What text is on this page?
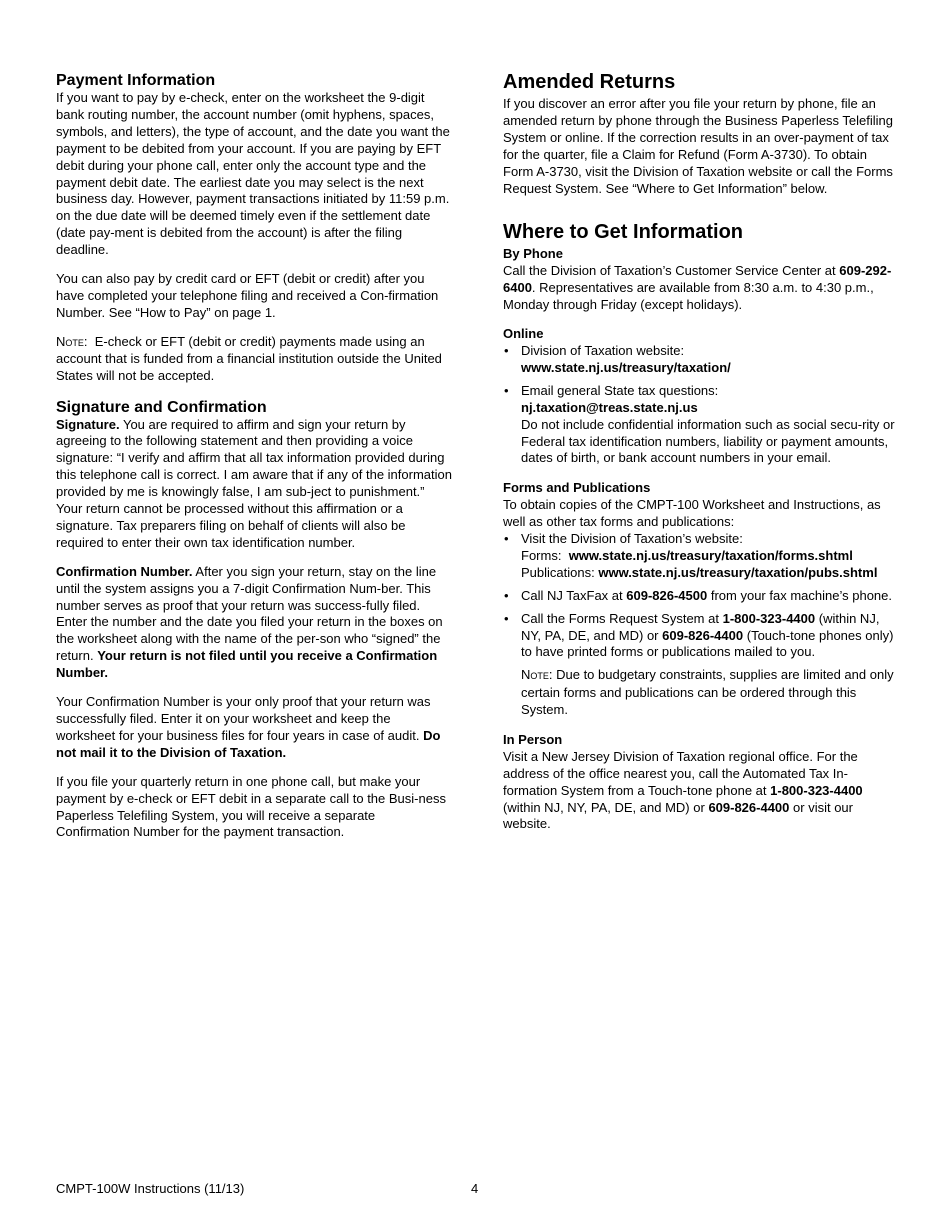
Payment Information

If you want to pay by e-check, enter on the worksheet the 9-digit bank routing number, the account number (omit hyphens, spaces, symbols, and letters), the type of account, and the date you want the payment to be debited from your account. If you are paying by EFT debit during your phone call, enter only the account type and the payment debit date. The earliest date you may select is the next business day. However, payment transactions initiated by 11:59 p.m. on the due date will be deemed timely even if the settlement date (date pay-ment is debited from the account) is after the filing deadline.

You can also pay by credit card or EFT (debit or credit) after you have completed your telephone filing and received a Con-firmation Number. See “How to Pay” on page 1.

Note: E-check or EFT (debit or credit) payments made using an account that is funded from a financial institution outside the United States will not be accepted.

Signature and Confirmation

Signature. You are required to affirm and sign your return by agreeing to the following statement and then providing a voice signature: “I verify and affirm that all tax information provided during this telephone call is correct. I am aware that if any of the information provided by me is knowingly false, I am sub-ject to punishment.” Your return cannot be processed without this affirmation or a signature. Tax preparers filing on behalf of clients will also be required to enter their own tax identification number.

Confirmation Number. After you sign your return, stay on the line until the system assigns you a 7-digit Confirmation Num-ber. This number serves as proof that your return was success-fully filed. Enter the number and the date you filed your return in the boxes on the worksheet along with the name of the per-son who “signed” the return. Your return is not filed until you receive a Confirmation Number.

Your Confirmation Number is your only proof that your return was successfully filed. Enter it on your worksheet and keep the worksheet for your business files for four years in case of audit. Do not mail it to the Division of Taxation.

If you file your quarterly return in one phone call, but make your payment by e-check or EFT debit in a separate call to the Busi-ness Paperless Telefiling System, you will receive a separate Confirmation Number for the payment transaction.

Amended Returns

If you discover an error after you file your return by phone, file an amended return by phone through the Business Paperless Telefiling System or online. If the correction results in an over-payment of tax for the quarter, file a Claim for Refund (Form A-3730). To obtain Form A-3730, visit the Division of Taxation website or call the Forms Request System. See “Where to Get Information” below.

Where to Get Information
By Phone

Call the Division of Taxation’s Customer Service Center at 609-292-6400. Representatives are available from 8:30 a.m. to 4:30 p.m., Monday through Friday (except holidays).

Online
• Division of Taxation website:
www.state.nj.us/treasury/taxation/
• Email general State tax questions:
nj.taxation@treas.state.nj.us
Do not include confidential information such as social secu-rity or Federal tax identification numbers, liability or payment amounts, dates of birth, or bank account numbers in your email.
Forms and Publications

To obtain copies of the CMPT-100 Worksheet and Instructions, as well as other tax forms and publications:

• Visit the Division of Taxation’s website:
Forms: www.state.nj.us/treasury/taxation/forms.shtml
Publications: www.state.nj.us/treasury/taxation/pubs.shtml
• Call NJ TaxFax at 609-826-4500 from your fax machine’s phone.
• Call the Forms Request System at 1-800-323-4400 (within NJ, NY, PA, DE, and MD) or 609-826-4400 (Touch-tone phones only) to have printed forms or publications mailed to you.

Note: Due to budgetary constraints, supplies are limited and only certain forms and publications can be ordered through this System.

In Person

Visit a New Jersey Division of Taxation regional office. For the address of the office nearest you, call the Automated Tax In-formation System from a Touch-tone phone at 1-800-323-4400 (within NJ, NY, PA, DE, and MD) or 609-826-4400 or visit our website.

CMPT-100W Instructions (11/13)	4
